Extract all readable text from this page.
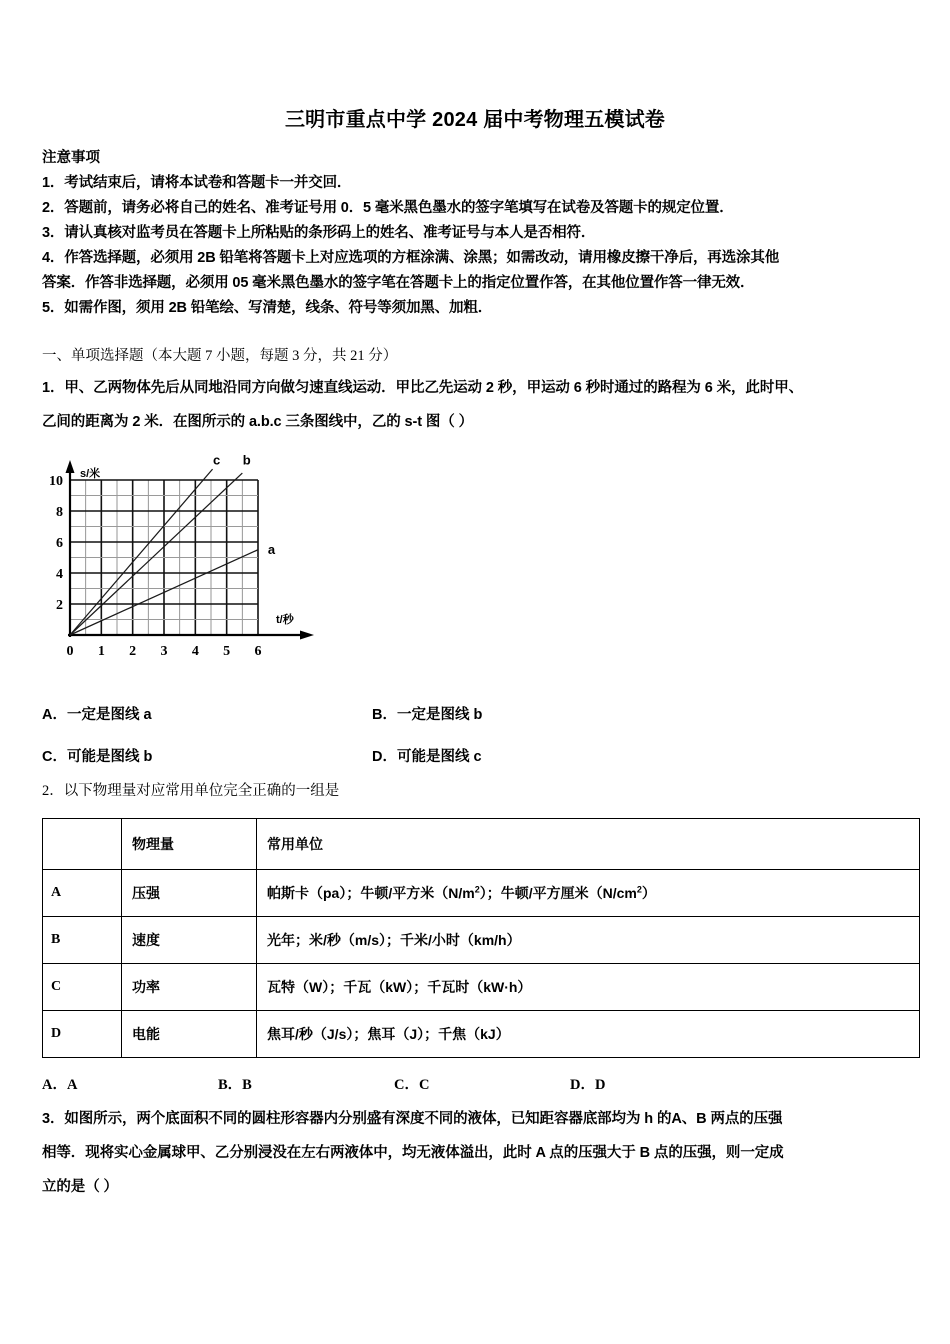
三明市重点中学 2024 届中考物理五模试卷
注意事项
1．考试结束后，请将本试卷和答题卡一并交回．
2．答题前，请务必将自己的姓名、准考证号用 0．5 毫米黑色墨水的签字笔填写在试卷及答题卡的规定位置．
3．请认真核对监考员在答题卡上所粘贴的条形码上的姓名、准考证号与本人是否相符．
4．作答选择题，必须用 2B 铅笔将答题卡上对应选项的方框涂满、涂黑；如需改动，请用橡皮擦干净后，再选涂其他
答案．作答非选择题，必须用 05 毫米黑色墨水的签字笔在答题卡上的指定位置作答，在其他位置作答一律无效．
5．如需作图，须用 2B 铅笔绘、写清楚，线条、符号等须加黑、加粗．
一、单项选择题（本大题 7 小题，每题 3 分，共 21 分）
1．甲、乙两物体先后从同地沿同方向做匀速直线运动．甲比乙先运动 2 秒，甲运动 6 秒时通过的路程为 6 米，此时甲、
乙间的距离为 2 米．在图所示的 a.b.c 三条图线中，乙的 s-t 图（ ）
a
b
c
2
4
6
8
10
0 1 2 3 4 5 6
s/米
t/秒
A．一定是图线 a	B．一定是图线 b
C．可能是图线 b	D．可能是图线 c
2．以下物理量对应常用单位完全正确的一组是
	物理量	常用单位
A	压强	帕斯卡（pa）；牛顿/平方米$(N/m^2)$；牛顿/平方厘米$(N/cm^2)$
B	速度	光年；米/秒（m/s）；千米/小时（km/h）
C	功率	瓦特（W）；千瓦（kW）；千瓦时（kW·h）
D	电能	焦耳/秒（J/s）；焦耳（J）；千焦（kJ）
A．A	B．B	C．C	D．D
3．如图所示，两个底面积不同的圆柱形容器内分别盛有深度不同的液体，已知距容器底部均为 h 的A、B 两点的压强
相等．现将实心金属球甲、乙分别浸没在左右两液体中，均无液体溢出，此时 A 点的压强大于 B 点的压强，则一定成
立的是（ ）
